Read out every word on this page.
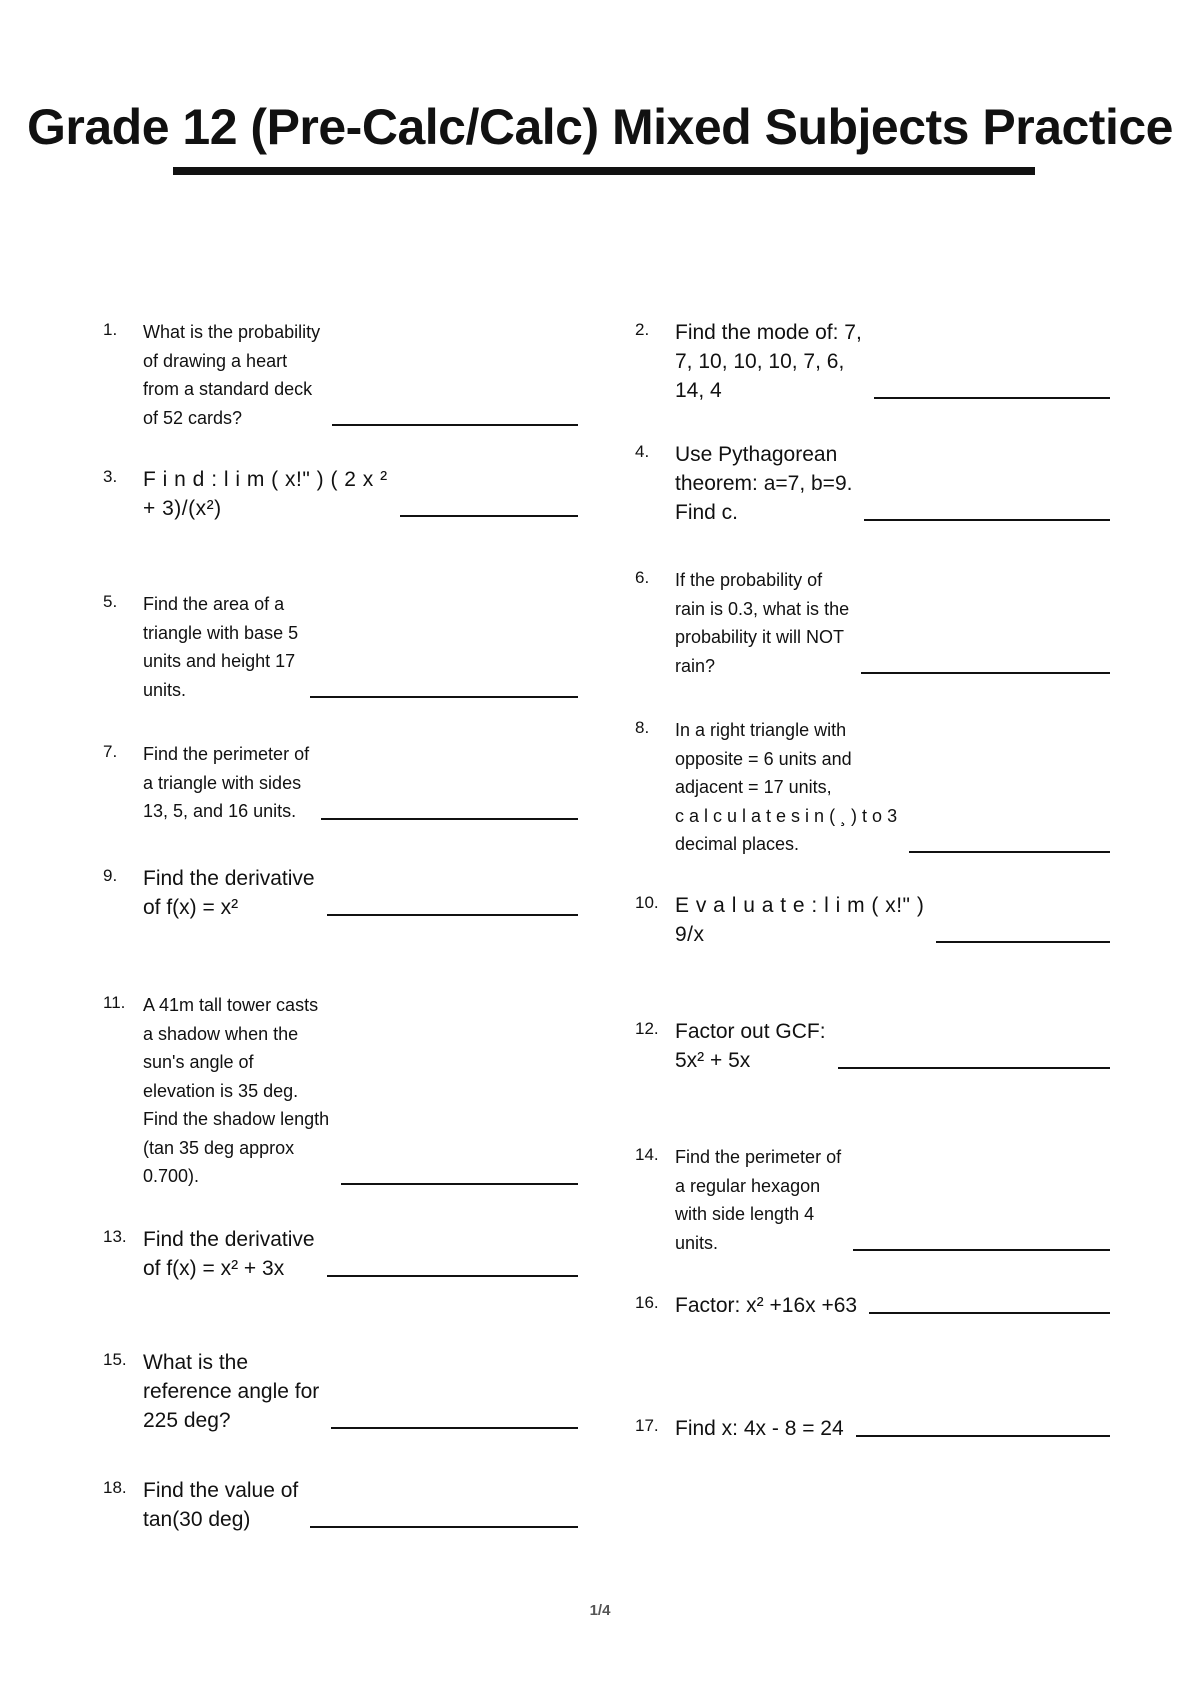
Grade 12 (Pre-Calc/Calc) Mixed Subjects Practice
1.	What is the probability
of drawing a heart
from a standard deck
of 52 cards?
3.	F i n d : l i m ( x!" ) ( 2 x ²
+ 3)/(x²)
5.	Find the area of a
triangle with base 5
units and height 17
units.
7.	Find the perimeter of
a triangle with sides
13, 5, and 16 units.
9.	Find the derivative
of f(x) = x²
11. A 41m tall tower casts
a shadow when the
sun's angle of
elevation is 35 deg.
Find the shadow length
(tan 35 deg approx
0.700).
13. Find the derivative
of f(x) = x² + 3x
15. What is the
reference angle for
225 deg?
18. Find the value of
tan(30 deg)
2.	Find the mode of: 7,
7, 10, 10, 10, 7, 6,
14, 4
4.	Use Pythagorean
theorem: a=7, b=9.
Find c.
6.	If the probability of
rain is 0.3, what is the
probability it will NOT
rain?
8.	In a right triangle with
opposite = 6 units and
adjacent = 17 units,
c a l c u l a t e s i n ( ¸ ) t o 3
decimal places.
10. E v a l u a t e : l i m ( x!" )
9/x
12. Factor out GCF:
5x² + 5x
14. Find the perimeter of
a regular hexagon
with side length 4
units.
16. Factor: x² +16x +63
17. Find x: 4x - 8 = 24
1/4
